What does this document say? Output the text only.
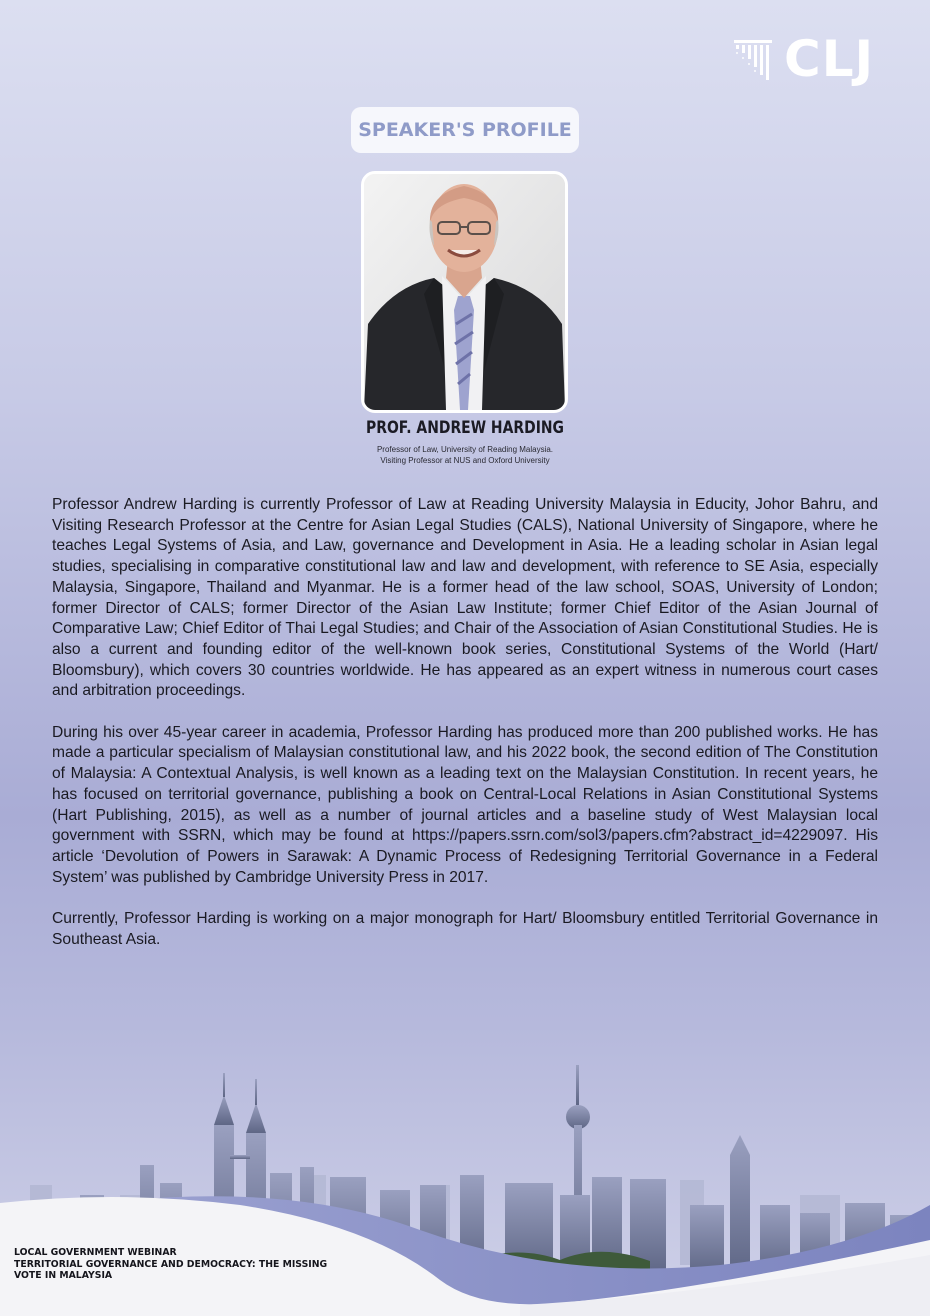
CLJ
SPEAKER'S PROFILE
PROF. ANDREW HARDING
Professor of Law, University of Reading Malaysia.
Visiting Professor at NUS and Oxford University

Professor Andrew Harding is currently Professor of Law at Reading University Malaysia in Educity, Johor Bahru, and Visiting Research Professor at the Centre for Asian Legal Studies (CALS), National University of Singapore, where he teaches Legal Systems of Asia, and Law, governance and Development in Asia. He a leading scholar in Asian legal studies, specialising in comparative constitutional law and law and development, with reference to SE Asia, especially Malaysia, Singapore, Thailand and Myanmar. He is a former head of the law school, SOAS, University of London; former Director of CALS; former Director of the Asian Law Institute; former Chief Editor of the Asian Journal of Comparative Law; Chief Editor of Thai Legal Studies; and Chair of the Association of Asian Constitutional Studies. He is also a current and founding editor of the well-known book series, Constitutional Systems of the World (Hart/ Bloomsbury), which covers 30 countries worldwide. He has appeared as an expert witness in numerous court cases and arbitration proceedings.

During his over 45-year career in academia, Professor Harding has produced more than 200 published works. He has made a particular specialism of Malaysian constitutional law, and his 2022 book, the second edition of The Constitution of Malaysia: A Contextual Analysis, is well known as a leading text on the Malaysian Constitution. In recent years, he has focused on territorial governance, publishing a book on Central-Local Relations in Asian Constitutional Systems (Hart Publishing, 2015), as well as a number of journal articles and a baseline study of West Malaysian local government with SSRN, which may be found at https://papers.ssrn.com/sol3/papers.cfm?abstract_id=4229097. His article ‘Devolution of Powers in Sarawak: A Dynamic Process of Redesigning Territorial Governance in a Federal System’ was published by Cambridge University Press in 2017.

Currently, Professor Harding is working on a major monograph for Hart/ Bloomsbury entitled Territorial Governance in Southeast Asia.

LOCAL GOVERNMENT WEBINAR
TERRITORIAL GOVERNANCE AND DEMOCRACY: THE MISSING
VOTE IN MALAYSIA
